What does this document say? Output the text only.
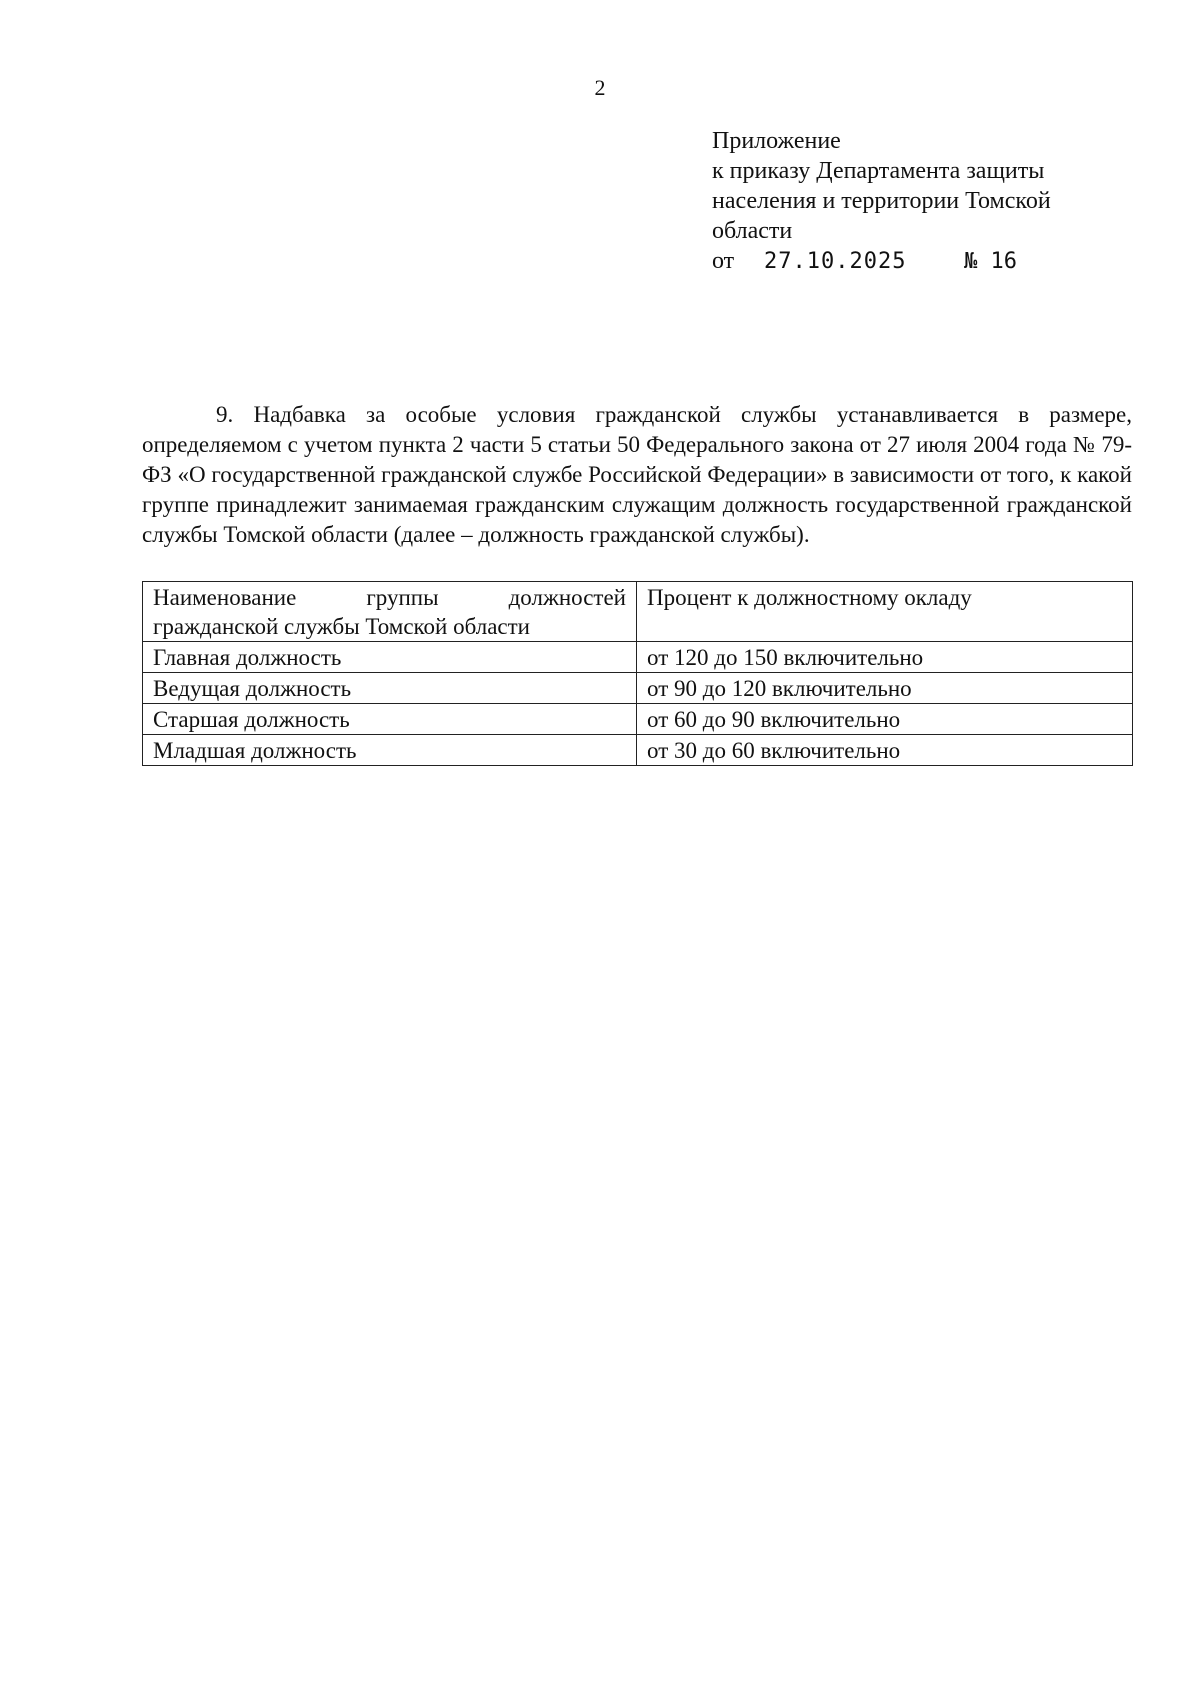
2
Приложение
к приказу Департамента защиты
населения и территории Томской
области
от 27.10.2025	№ 16

9. Надбавка за особые условия гражданской службы устанавливается в размере, определяемом с учетом пункта 2 части 5 статьи 50 Федерального закона от 27 июля 2004 года № 79-ФЗ «О государственной гражданской службе Российской Федерации» в зависимости от того, к какой группе принадлежит занимаемая гражданским служащим должность государственной гражданской службы Томской области (далее – должность гражданской службы).

Наименование группы должностей
гражданской службы Томской области	Процент к должностному окладу
Главная должность	от 120 до 150 включительно
Ведущая должность	от 90 до 120 включительно
Старшая должность	от 60 до 90 включительно
Младшая должность	от 30 до 60 включительно
